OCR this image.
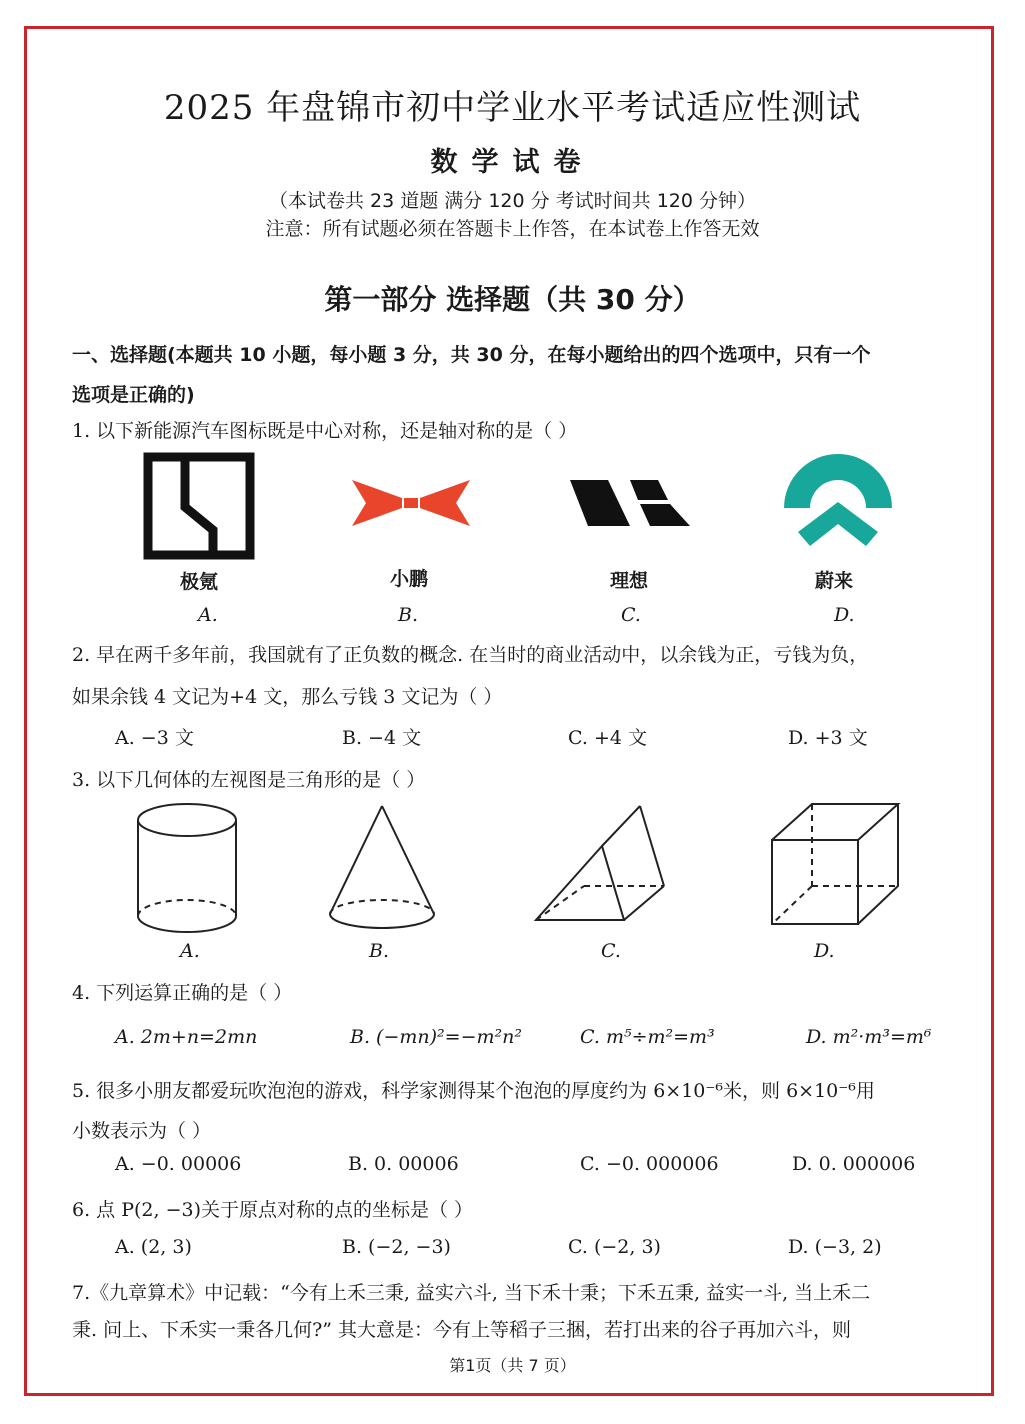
2025 年盘锦市初中学业水平考试适应性测试
数学试卷
（本试卷共 23 道题 满分 120 分 考试时间共 120 分钟）
注意：所有试题必须在答题卡上作答，在本试卷上作答无效
第一部分 选择题（共 30 分）
一、选择题(本题共 10 小题，每小题 3 分，共 30 分，在每小题给出的四个选项中，只有一个
选项是正确的)
1. 以下新能源汽车图标既是中心对称，还是轴对称的是（ ）
极氪	小鹏	理想	蔚来
A.	B.	C.	D.
2. 早在两千多年前，我国就有了正负数的概念. 在当时的商业活动中，以余钱为正，亏钱为负，
如果余钱 4 文记为+4 文，那么亏钱 3 文记为（ ）
A. −3 文	B. −4 文	C. +4 文	D. +3 文
3. 以下几何体的左视图是三角形的是（ ）
A.	B.	C.	D.
4. 下列运算正确的是（ ）
A. 2m+n=2mn	B. (−mn)²=−m²n²	C. m⁵÷m²=m³	D. m²·m³=m⁶
5. 很多小朋友都爱玩吹泡泡的游戏，科学家测得某个泡泡的厚度约为 6×10⁻⁶米，则 6×10⁻⁶用
小数表示为（ ）
A. −0. 00006	B. 0. 00006	C. −0. 000006	D. 0. 000006
6. 点 P(2, −3)关于原点对称的点的坐标是（ ）
A. (2, 3)	B. (−2, −3)	C. (−2, 3)	D. (−3, 2)
7.《九章算术》中记载：“今有上禾三秉, 益实六斗, 当下禾十秉；下禾五秉, 益实一斗, 当上禾二
秉. 问上、下禾实一秉各几何?” 其大意是：今有上等稻子三捆，若打出来的谷子再加六斗，则
第1页（共 7 页）
